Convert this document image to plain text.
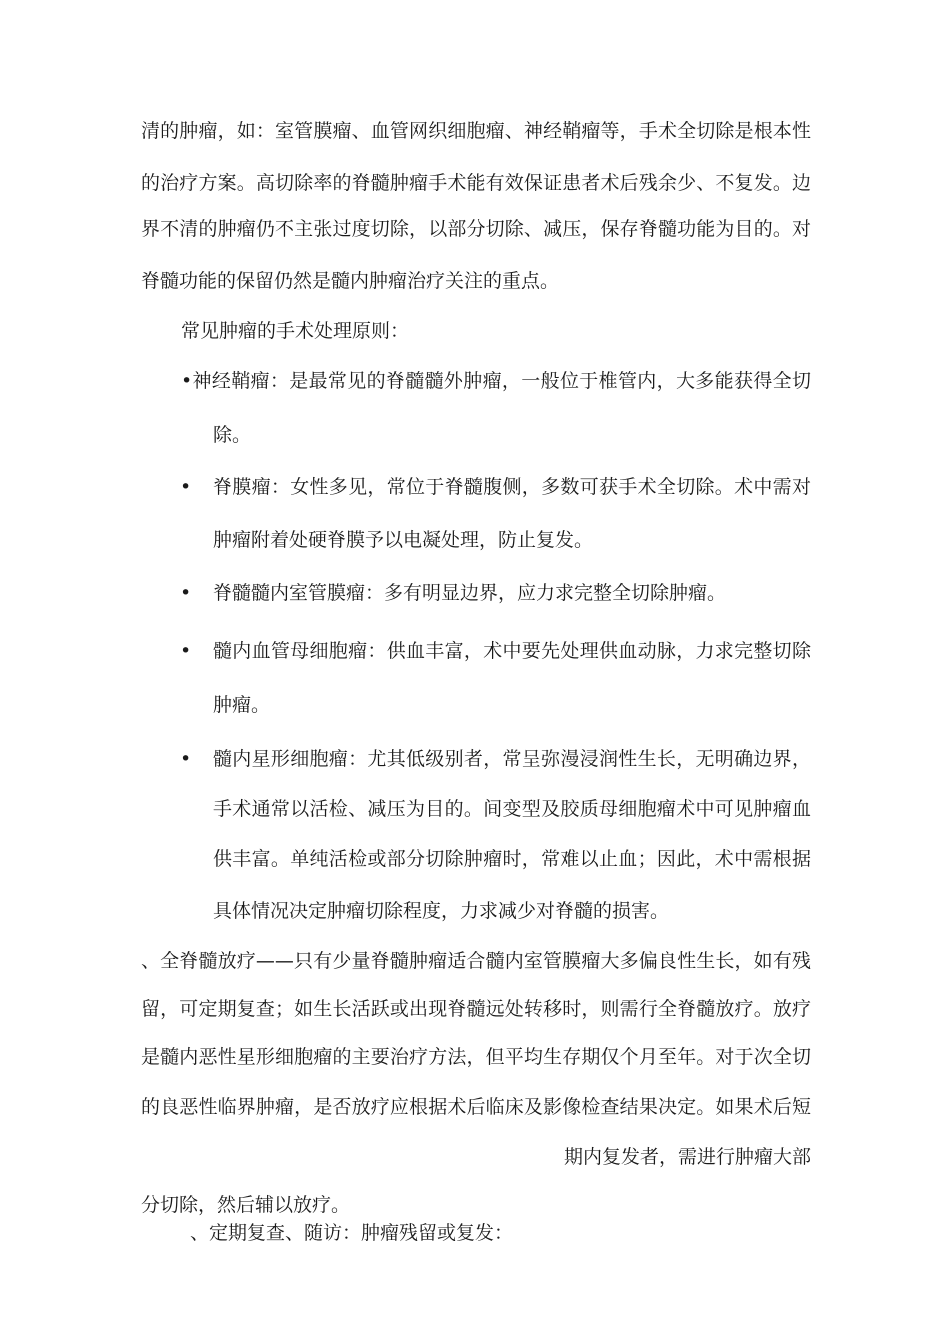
清的肿瘤，如：室管膜瘤、血管网织细胞瘤、神经鞘瘤等，手术全切除是根本性
的治疗方案。高切除率的脊髓肿瘤手术能有效保证患者术后残余少、不复发。边
界不清的肿瘤仍不主张过度切除，以部分切除、减压，保存脊髓功能为目的。对
脊髓功能的保留仍然是髓内肿瘤治疗关注的重点。
常见肿瘤的手术处理原则：
•神经鞘瘤：是最常见的脊髓髓外肿瘤，一般位于椎管内，大多能获得全切
除。
• 脊膜瘤：女性多见，常位于脊髓腹侧，多数可获手术全切除。术中需对
肿瘤附着处硬脊膜予以电凝处理，防止复发。
• 脊髓髓内室管膜瘤：多有明显边界，应力求完整全切除肿瘤。
• 髓内血管母细胞瘤：供血丰富，术中要先处理供血动脉，力求完整切除
肿瘤。
• 髓内星形细胞瘤：尤其低级别者，常呈弥漫浸润性生长，无明确边界，
手术通常以活检、减压为目的。间变型及胶质母细胞瘤术中可见肿瘤血
供丰富。单纯活检或部分切除肿瘤时，常难以止血；因此，术中需根据
具体情况决定肿瘤切除程度，力求减少对脊髓的损害。
、全脊髓放疗——只有少量脊髓肿瘤适合髓内室管膜瘤大多偏良性生长，如有残
留，可定期复查；如生长活跃或出现脊髓远处转移时，则需行全脊髓放疗。放疗
是髓内恶性星形细胞瘤的主要治疗方法，但平均生存期仅个月至年。对于次全切
的良恶性临界肿瘤，是否放疗应根据术后临床及影像检查结果决定。如果术后短
期内复发者，需进行肿瘤大部
分切除，然后辅以放疗。
、定期复查、随访：肿瘤残留或复发：
